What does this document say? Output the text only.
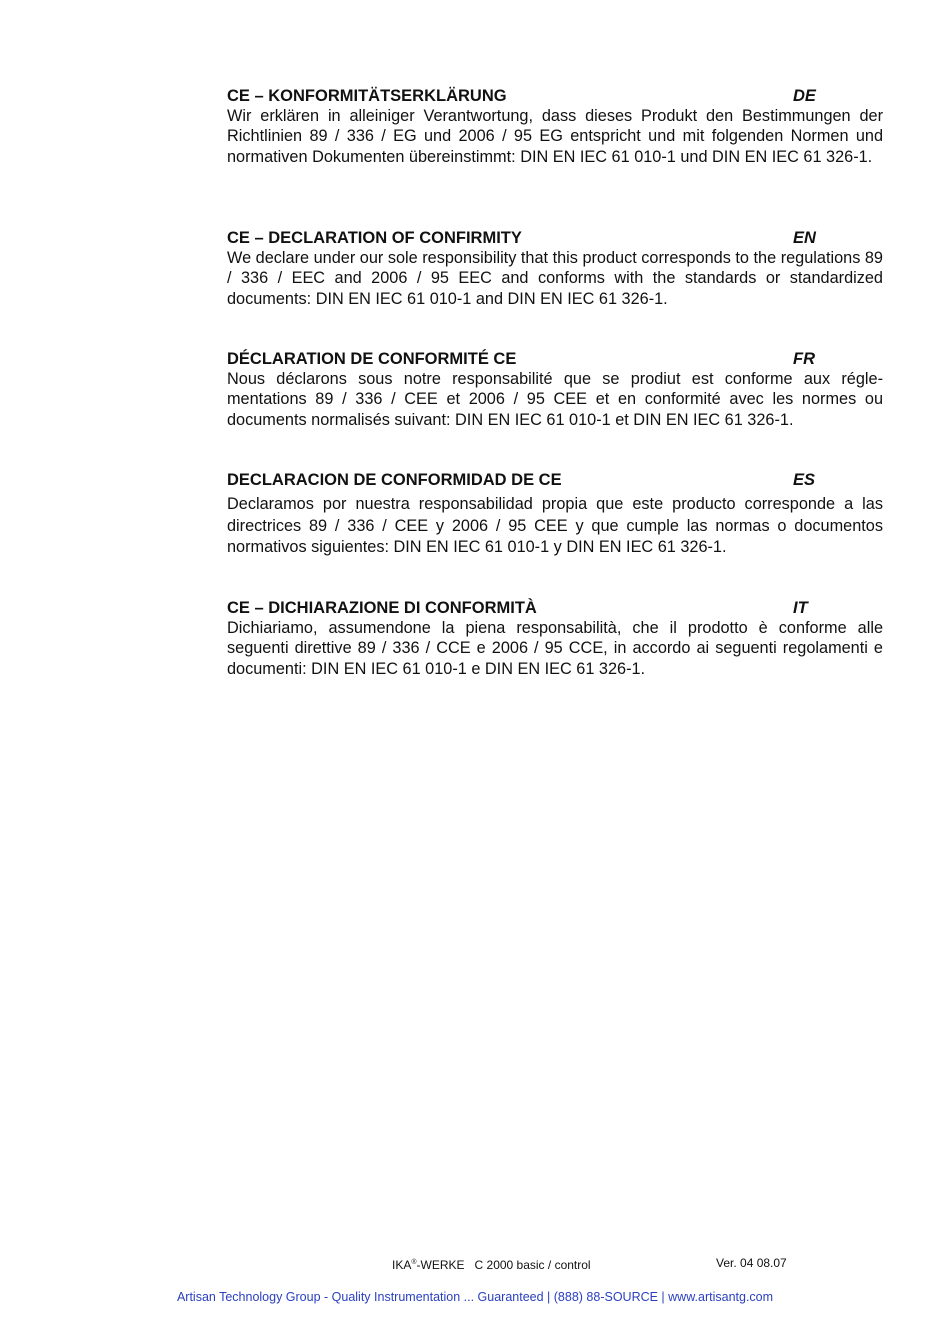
CE – KONFORMITÄTSERKLÄRUNG	DE
Wir erklären in alleiniger Verantwortung, dass dieses Produkt den Bestimmungen der Richtlinien 89 / 336 / EG und 2006 / 95 EG entspricht und mit folgenden Normen und normativen Dokumenten übereinstimmt: DIN EN IEC 61 010-1 und DIN EN IEC 61 326-1.
CE – DECLARATION OF CONFIRMITY	EN
We declare under our sole responsibility that this product corresponds to the regulations 89 / 336 / EEC and 2006 / 95 EEC and conforms with the standards or standardized documents: DIN EN IEC 61 010-1 and DIN EN IEC 61 326-1.
DÉCLARATION DE CONFORMITÉ CE	FR
Nous déclarons sous notre responsabilité que se prodiut est conforme aux réglementations 89 / 336 / CEE et 2006 / 95 CEE et en conformité avec les normes ou documents normalisés suivant: DIN EN IEC 61 010-1 et DIN EN IEC 61 326-1.
DECLARACION DE CONFORMIDAD DE CE	ES
Declaramos por nuestra responsabilidad propia que este producto corresponde a las directrices 89 / 336 / CEE y 2006 / 95 CEE y que cumple las normas o documentos normativos siguientes: DIN EN IEC 61 010-1 y DIN EN IEC 61 326-1.
CE – DICHIARAZIONE DI CONFORMITÀ	IT
Dichiariamo, assumendone la piena responsabilità, che il prodotto è conforme alle seguenti direttive 89 / 336 / CCE e 2006 / 95 CCE, in accordo ai seguenti regolamenti e documenti: DIN EN IEC 61 010-1 e DIN EN IEC 61 326-1.
IKA®-WERKE   C 2000 basic / control	Ver. 04 08.07
Artisan Technology Group - Quality Instrumentation ... Guaranteed | (888) 88-SOURCE | www.artisantg.com
